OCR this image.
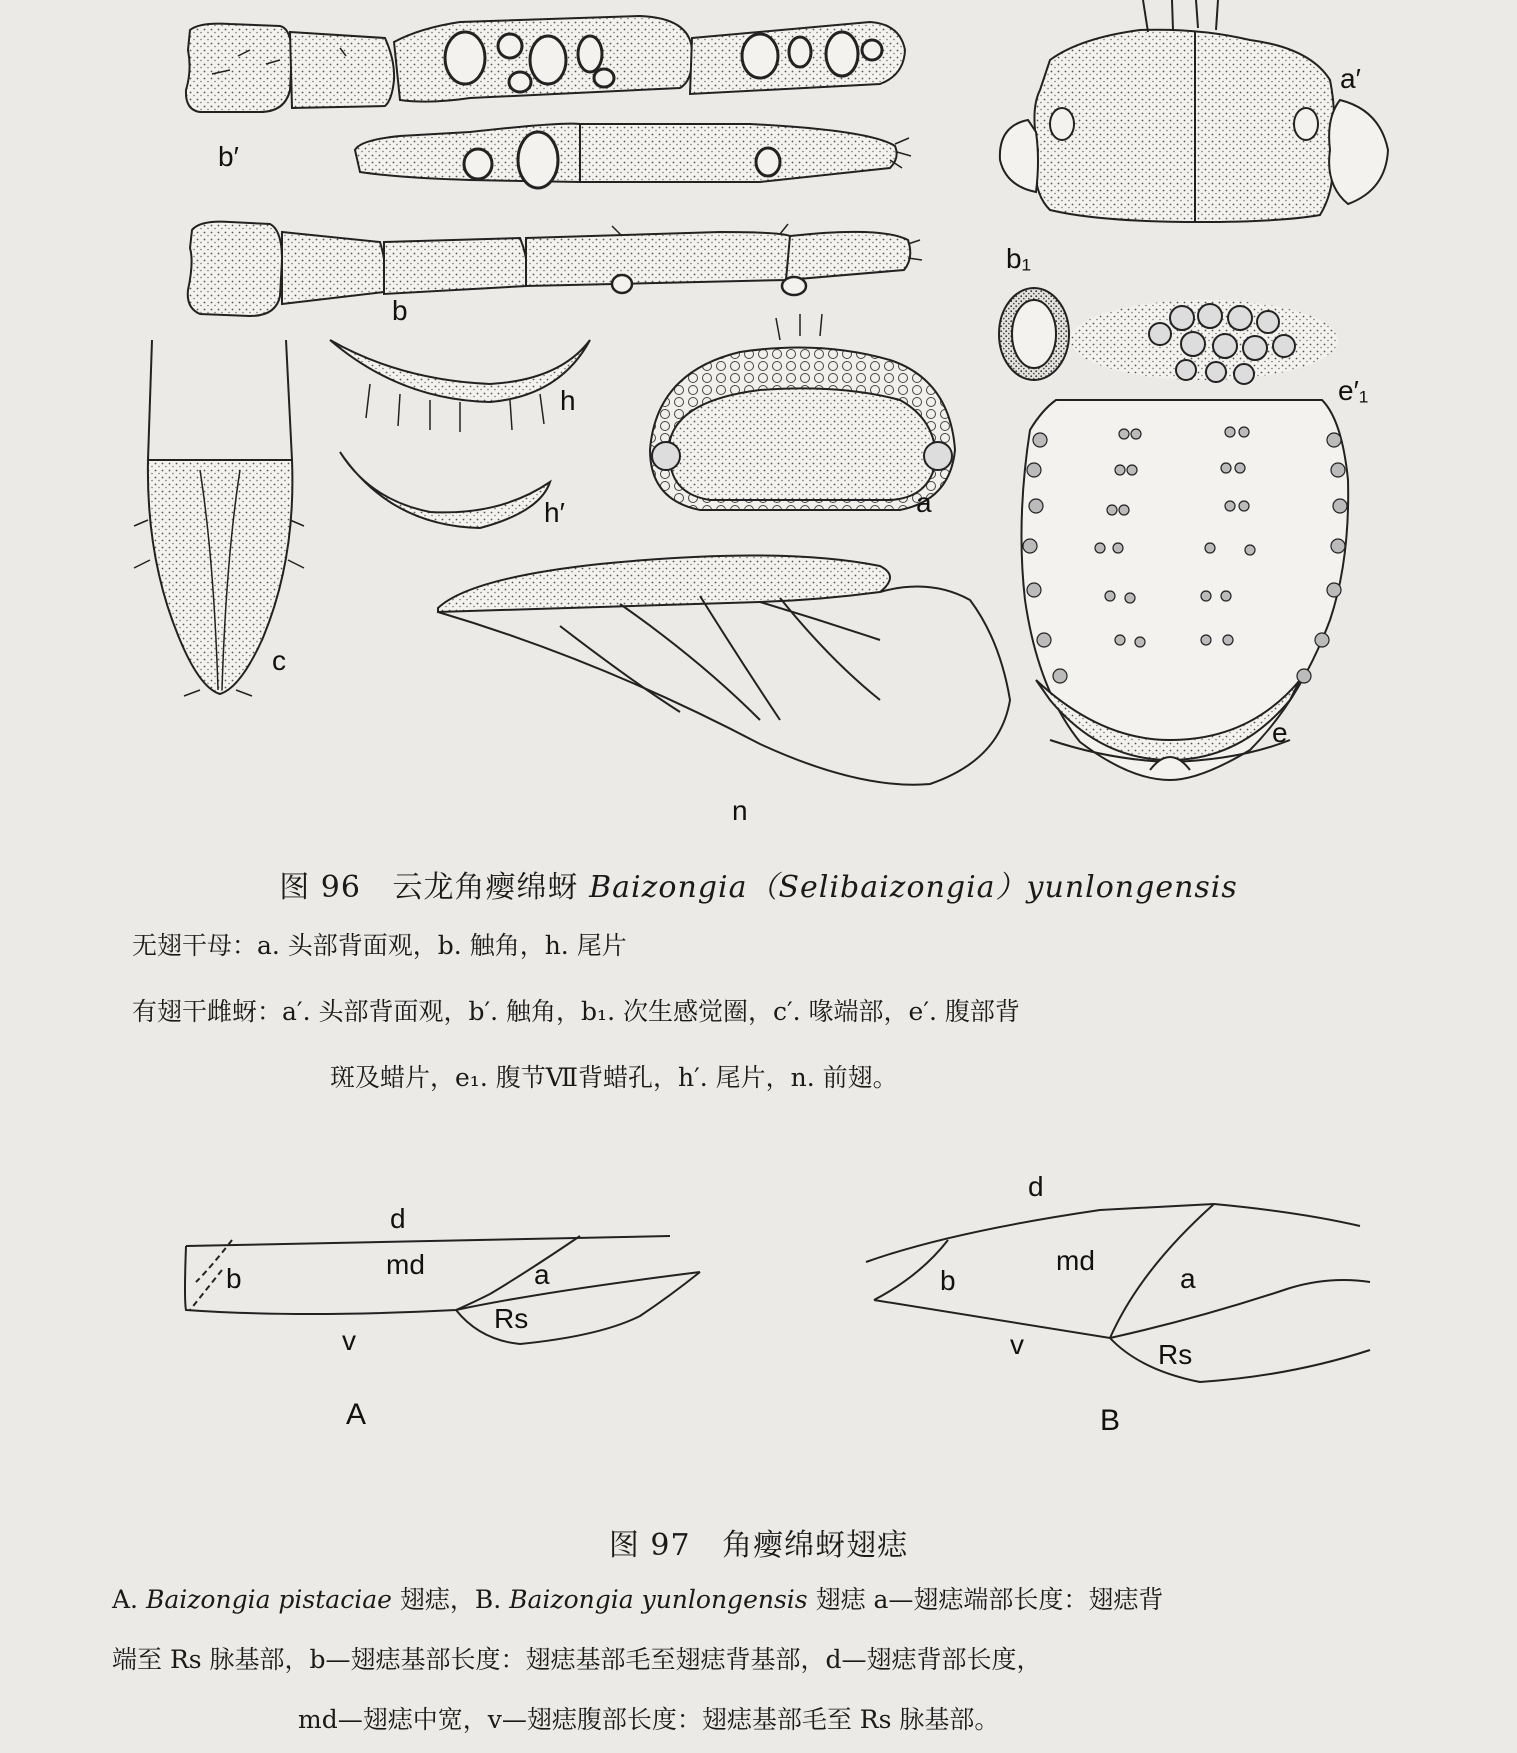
b′
a′
b
b₁
e′₁
h
h′	a
c
e
n
d
md
b	a
Rs
v
A
d
md
b	a
Rs
v
B
图 96 云龙角瘿绵蚜 Baizongia（Selibaizongia）yunlongensis
无翅干母：a. 头部背面观，b. 触角，h. 尾片
有翅干雌蚜：a′. 头部背面观，b′. 触角，b₁. 次生感觉圈，c′. 喙端部，e′. 腹部背
斑及蜡片，e₁. 腹节Ⅶ背蜡孔，h′. 尾片，n. 前翅。
图 97 角瘿绵蚜翅痣
A. Baizongia pistaciae 翅痣，B. Baizongia yunlongensis 翅痣 a—翅痣端部长度：翅痣背
端至 Rs 脉基部，b—翅痣基部长度：翅痣基部毛至翅痣背基部，d—翅痣背部长度，
md—翅痣中宽，v—翅痣腹部长度：翅痣基部毛至 Rs 脉基部。
